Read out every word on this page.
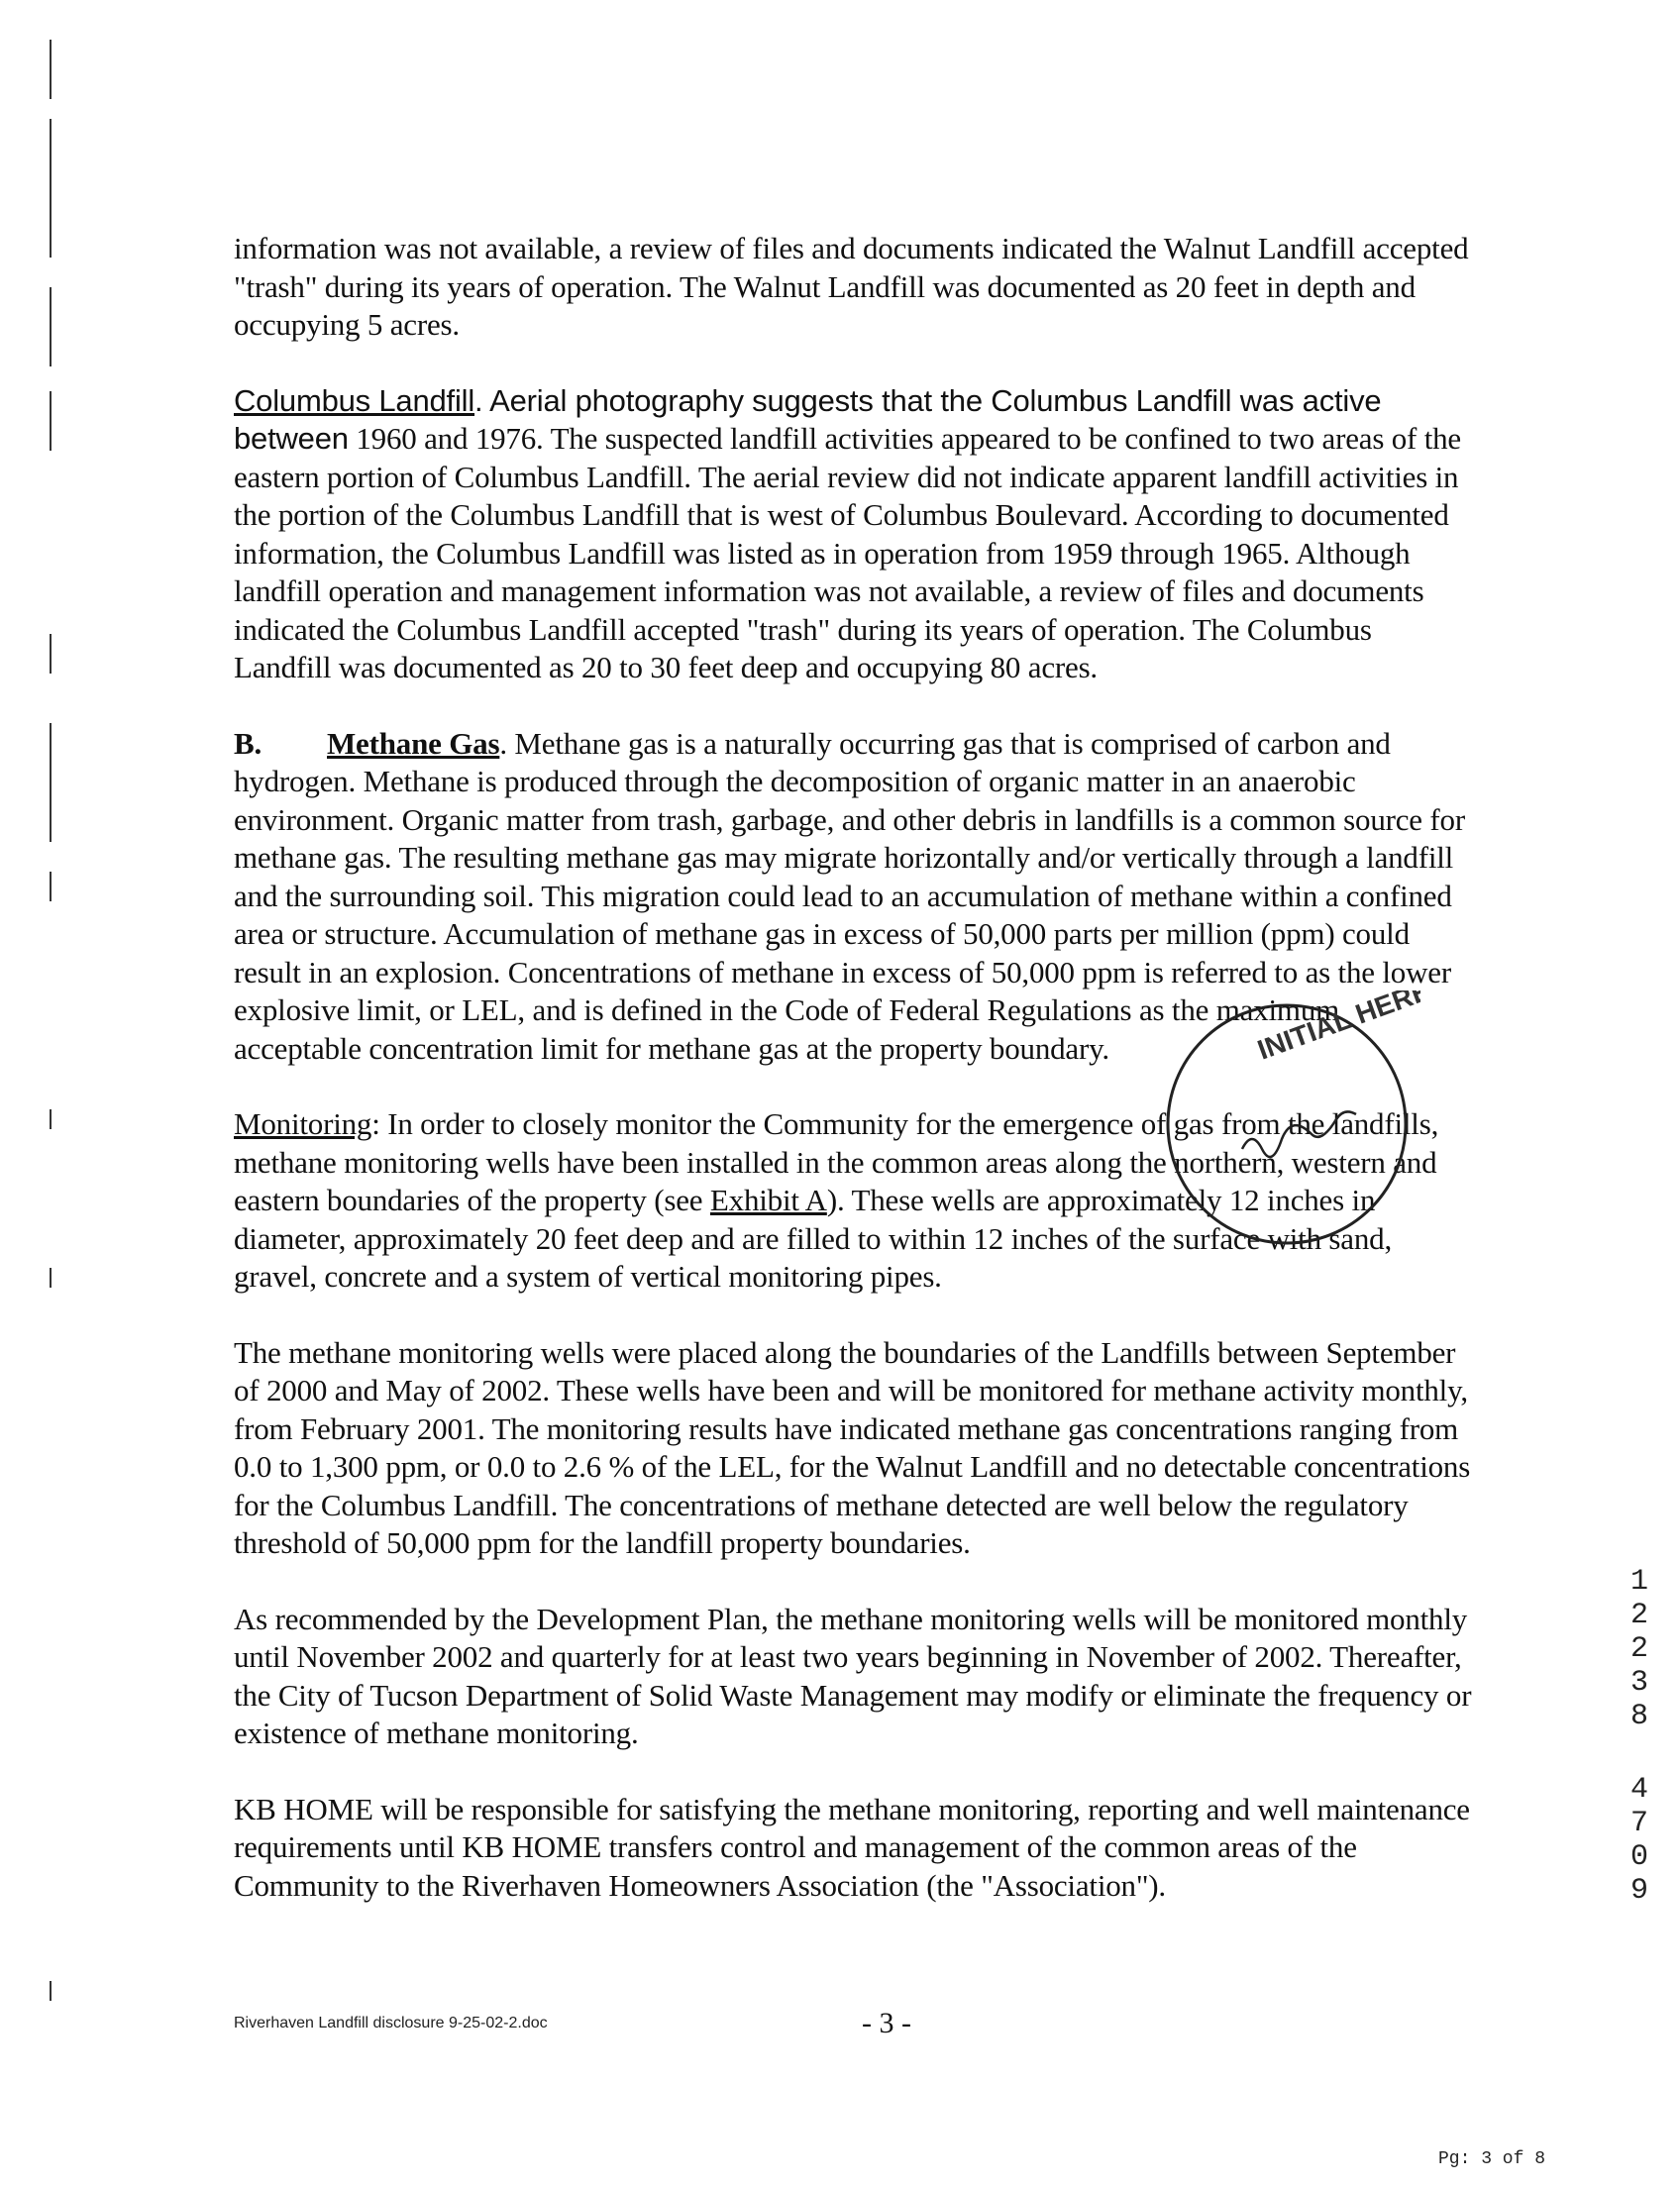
information was not available, a review of files and documents indicated the Walnut Landfill accepted "trash" during its years of operation. The Walnut Landfill was documented as 20 feet in depth and occupying 5 acres.

Columbus Landfill. Aerial photography suggests that the Columbus Landfill was active between 1960 and 1976. The suspected landfill activities appeared to be confined to two areas of the eastern portion of Columbus Landfill. The aerial review did not indicate apparent landfill activities in the portion of the Columbus Landfill that is west of Columbus Boulevard. According to documented information, the Columbus Landfill was listed as in operation from 1959 through 1965. Although landfill operation and management information was not available, a review of files and documents indicated the Columbus Landfill accepted "trash" during its years of operation. The Columbus Landfill was documented as 20 to 30 feet deep and occupying 80 acres.

B. Methane Gas. Methane gas is a naturally occurring gas that is comprised of carbon and hydrogen. Methane is produced through the decomposition of organic matter in an anaerobic environment. Organic matter from trash, garbage, and other debris in landfills is a common source for methane gas. The resulting methane gas may migrate horizontally and/or vertically through a landfill and the surrounding soil. This migration could lead to an accumulation of methane within a confined area or structure. Accumulation of methane gas in excess of 50,000 parts per million (ppm) could result in an explosion. Concentrations of methane in excess of 50,000 ppm is referred to as the lower explosive limit, or LEL, and is defined in the Code of Federal Regulations as the maximum acceptable concentration limit for methane gas at the property boundary.

Monitoring: In order to closely monitor the Community for the emergence of gas from the landfills, methane monitoring wells have been installed in the common areas along the northern, western and eastern boundaries of the property (see Exhibit A). These wells are approximately 12 inches in diameter, approximately 20 feet deep and are filled to within 12 inches of the surface with sand, gravel, concrete and a system of vertical monitoring pipes.

The methane monitoring wells were placed along the boundaries of the Landfills between September of 2000 and May of 2002. These wells have been and will be monitored for methane activity monthly, from February 2001. The monitoring results have indicated methane gas concentrations ranging from 0.0 to 1,300 ppm, or 0.0 to 2.6 % of the LEL, for the Walnut Landfill and no detectable concentrations for the Columbus Landfill. The concentrations of methane detected are well below the regulatory threshold of 50,000 ppm for the landfill property boundaries.

As recommended by the Development Plan, the methane monitoring wells will be monitored monthly until November 2002 and quarterly for at least two years beginning in November of 2002. Thereafter, the City of Tucson Department of Solid Waste Management may modify or eliminate the frequency or existence of methane monitoring.

KB HOME will be responsible for satisfying the methane monitoring, reporting and well maintenance requirements until KB HOME transfers control and management of the common areas of the Community to the Riverhaven Homeowners Association (the "Association").

INITIAL HERE
1
2
2
3
8
4
7
0
9
Riverhaven Landfill disclosure 9-25-02-2.doc	- 3 -
Pg: 3 of 8
